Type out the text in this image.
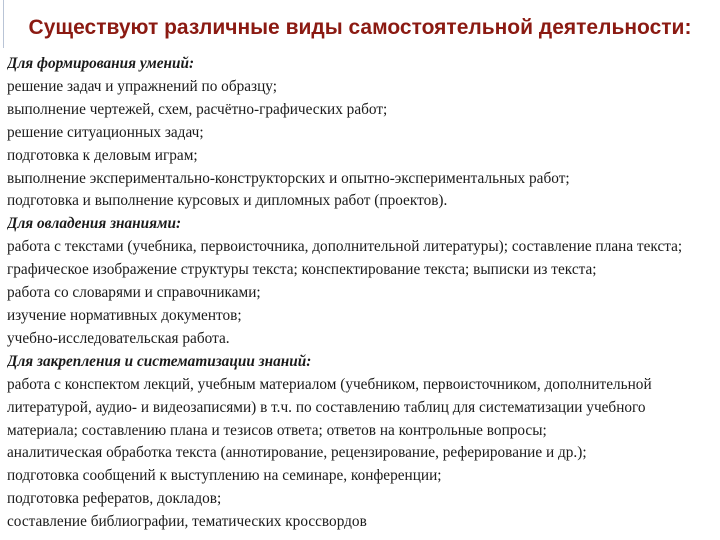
Существуют различные виды самостоятельной деятельности:

Для формирования умений:

решение задач и упражнений по образцу;

выполнение чертежей, схем, расчётно-графических работ;

решение ситуационных задач;

подготовка к деловым играм;

выполнение экспериментально-конструкторских и опытно-экспериментальных работ;

подготовка и выполнение курсовых и дипломных работ (проектов).

Для овладения знаниями:

работа с текстами (учебника, первоисточника, дополнительной литературы); составление плана текста; графическое изображение структуры текста; конспектирование текста; выписки из текста;

работа со словарями и справочниками;

изучение нормативных документов;

учебно-исследовательская работа.

Для закрепления и систематизации знаний:

работа с конспектом лекций, учебным материалом (учебником, первоисточником, дополнительной литературой, аудио- и видеозаписями) в т.ч. по составлению таблиц для систематизации учебного материала; составлению плана и тезисов ответа; ответов на контрольные вопросы;

аналитическая обработка текста (аннотирование, рецензирование, реферирование и др.);

подготовка сообщений к выступлению на семинаре, конференции;

подготовка рефератов, докладов;

составление библиографии, тематических кроссвордов
